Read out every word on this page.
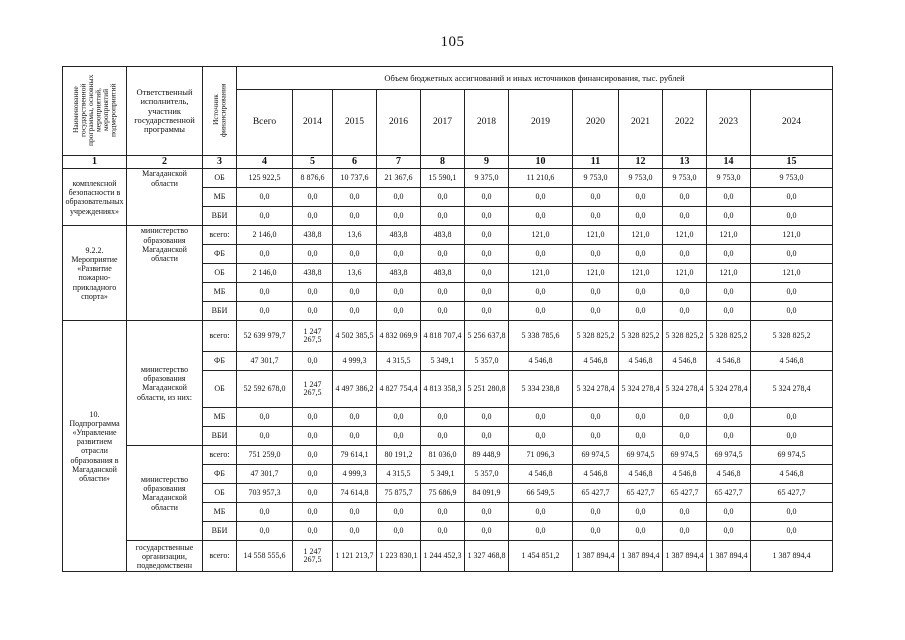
105
Наименование государственной программы, основных мероприятий, мероприятий подмероприятий	Ответственный исполнитель, участник государственной программы	Источник финансирования	Объем бюджетных ассигнований и иных источников финансирования, тыс. рублей											
			Всего	2014	2015	2016	2017	2018	2019	2020	2021	2022	2023	2024
1	2	3	4	5	6	7	8	9	10	11	12	13	14	15
комплексной безопасности в образовательных учреждениях»	Магаданской области	ОБ	125 922,5	8 876,6	10 737,6	21 367,6	15 590,1	9 375,0	11 210,6	9 753,0	9 753,0	9 753,0	9 753,0	9 753,0
		МБ	0,0	0,0	0,0	0,0	0,0	0,0	0,0	0,0	0,0	0,0	0,0	0,0
		ВБИ	0,0	0,0	0,0	0,0	0,0	0,0	0,0	0,0	0,0	0,0	0,0	0,0
9.2.2. Мероприятие «Развитие пожарно-прикладного спорта»	министерство образования Магаданской области	всего:	2 146,0	438,8	13,6	483,8	483,8	0,0	121,0	121,0	121,0	121,0	121,0	121,0
		ФБ	0,0	0,0	0,0	0,0	0,0	0,0	0,0	0,0	0,0	0,0	0,0	0,0
		ОБ	2 146,0	438,8	13,6	483,8	483,8	0,0	121,0	121,0	121,0	121,0	121,0	121,0
		МБ	0,0	0,0	0,0	0,0	0,0	0,0	0,0	0,0	0,0	0,0	0,0	0,0
		ВБИ	0,0	0,0	0,0	0,0	0,0	0,0	0,0	0,0	0,0	0,0	0,0	0,0
10. Подпрограмма «Управление развитием отрасли образования в Магаданской области»	министерство образования Магаданской области, из них:	всего:	52 639 979,7	1 247 267,5	4 502 385,5	4 832 069,9	4 818 707,4	5 256 637,8	5 338 785,6	5 328 825,2	5 328 825,2	5 328 825,2	5 328 825,2	5 328 825,2
		ФБ	47 301,7	0,0	4 999,3	4 315,5	5 349,1	5 357,0	4 546,8	4 546,8	4 546,8	4 546,8	4 546,8	4 546,8
		ОБ	52 592 678,0	1 247 267,5	4 497 386,2	4 827 754,4	4 813 358,3	5 251 280,8	5 334 238,8	5 324 278,4	5 324 278,4	5 324 278,4	5 324 278,4	5 324 278,4
		МБ	0,0	0,0	0,0	0,0	0,0	0,0	0,0	0,0	0,0	0,0	0,0	0,0
		ВБИ	0,0	0,0	0,0	0,0	0,0	0,0	0,0	0,0	0,0	0,0	0,0	0,0
	министерство образования Магаданской области	всего:	751 259,0	0,0	79 614,1	80 191,2	81 036,0	89 448,9	71 096,3	69 974,5	69 974,5	69 974,5	69 974,5	69 974,5
		ФБ	47 301,7	0,0	4 999,3	4 315,5	5 349,1	5 357,0	4 546,8	4 546,8	4 546,8	4 546,8	4 546,8	4 546,8
		ОБ	703 957,3	0,0	74 614,8	75 875,7	75 686,9	84 091,9	66 549,5	65 427,7	65 427,7	65 427,7	65 427,7	65 427,7
		МБ	0,0	0,0	0,0	0,0	0,0	0,0	0,0	0,0	0,0	0,0	0,0	0,0
		ВБИ	0,0	0,0	0,0	0,0	0,0	0,0	0,0	0,0	0,0	0,0	0,0	0,0
	государственные организации, подведомственн	всего:	14 558 555,6	1 247 267,5	1 121 213,7	1 223 830,1	1 244 452,3	1 327 468,8	1 454 851,2	1 387 894,4	1 387 894,4	1 387 894,4	1 387 894,4	1 387 894,4
